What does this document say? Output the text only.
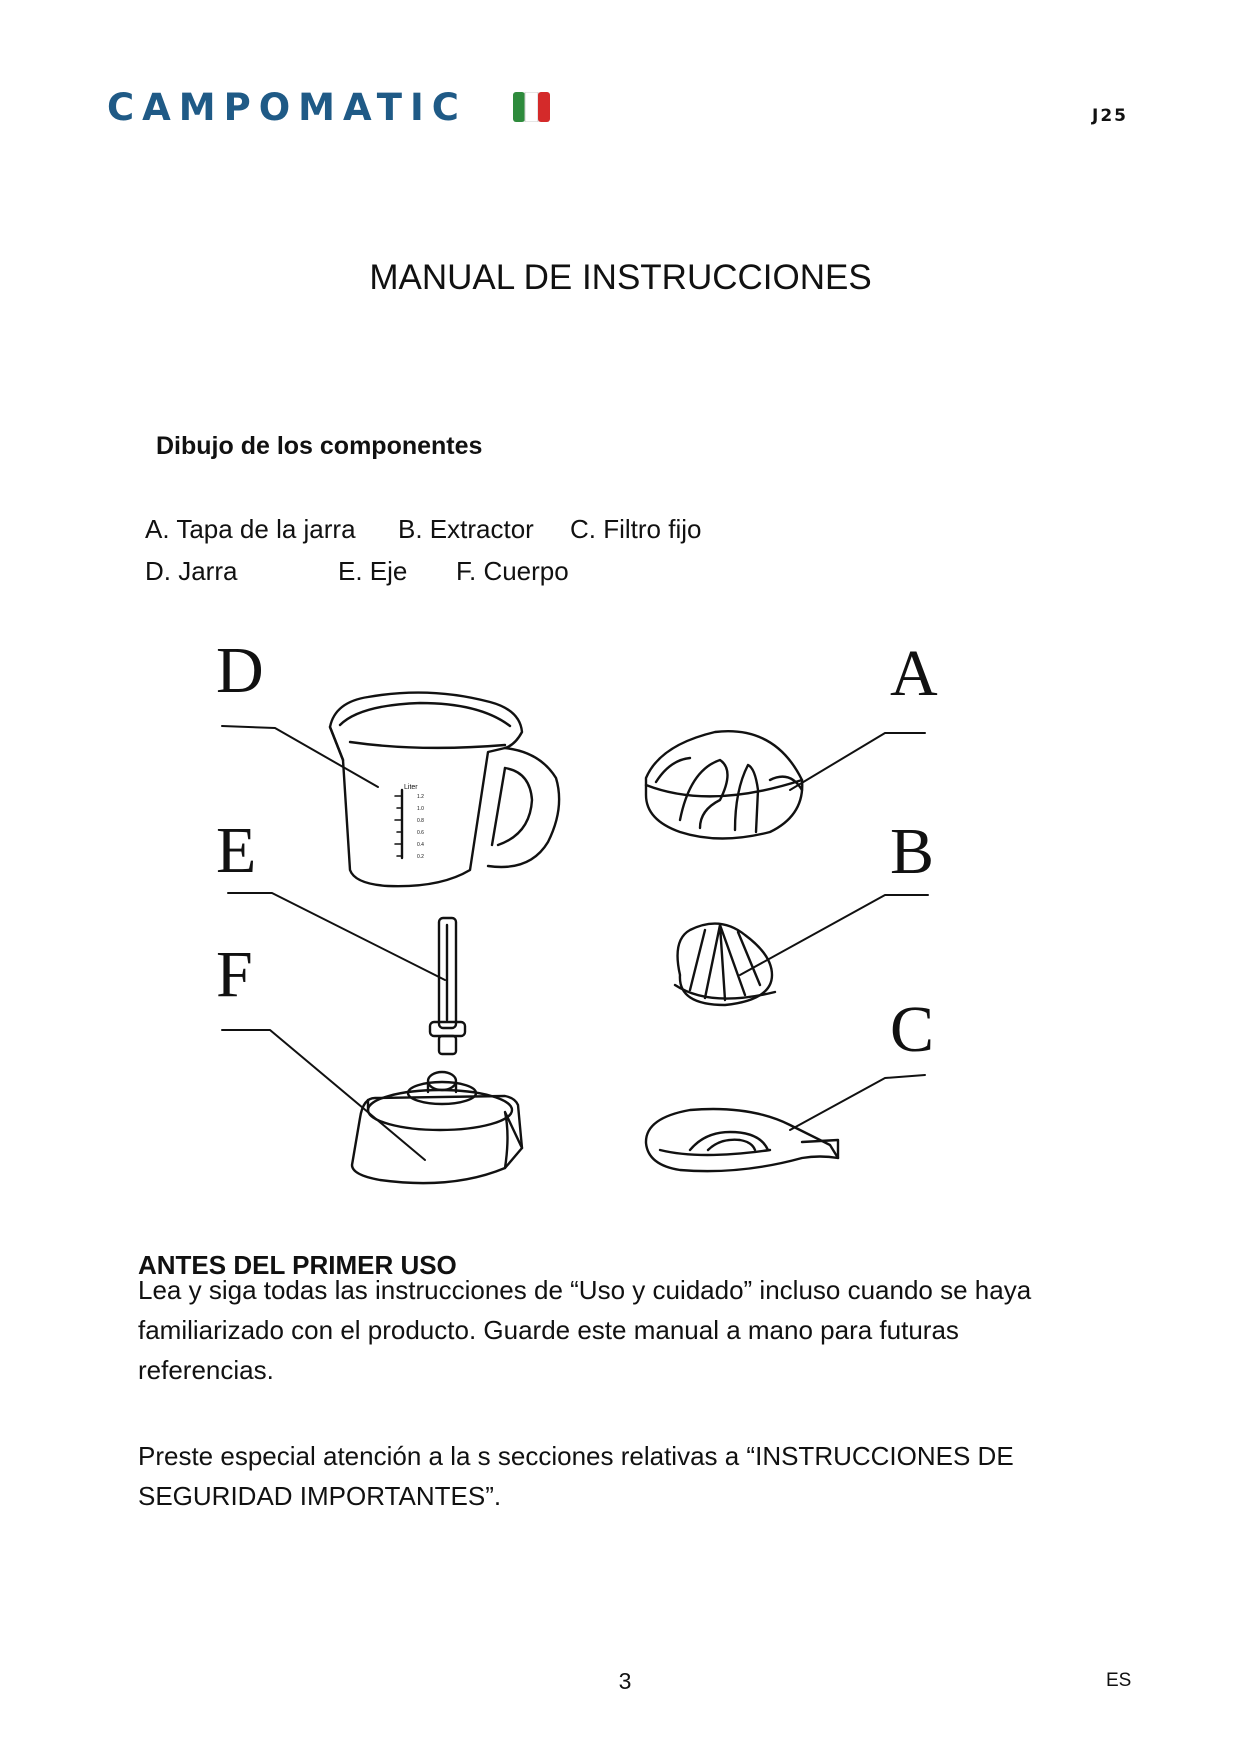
CAMPOMATIC	J25
MANUAL DE INSTRUCCIONES
Dibujo de los componentes
A. Tapa de la jarra B. Extractor C. Filtro fijo
D. Jarra	E. Eje F. Cuerpo
D
E
F
A
B
C
Liter
1.2
1.0
0.8
0.6
0.4
0.2
ANTES DEL PRIMER USO
Lea y siga todas las instrucciones de “Uso y cuidado” incluso cuando se haya
familiarizado con el producto. Guarde este manual a mano para futuras
referencias.
Preste especial atención a la s secciones relativas a “INSTRUCCIONES DE
SEGURIDAD IMPORTANTES”.
3	ES
